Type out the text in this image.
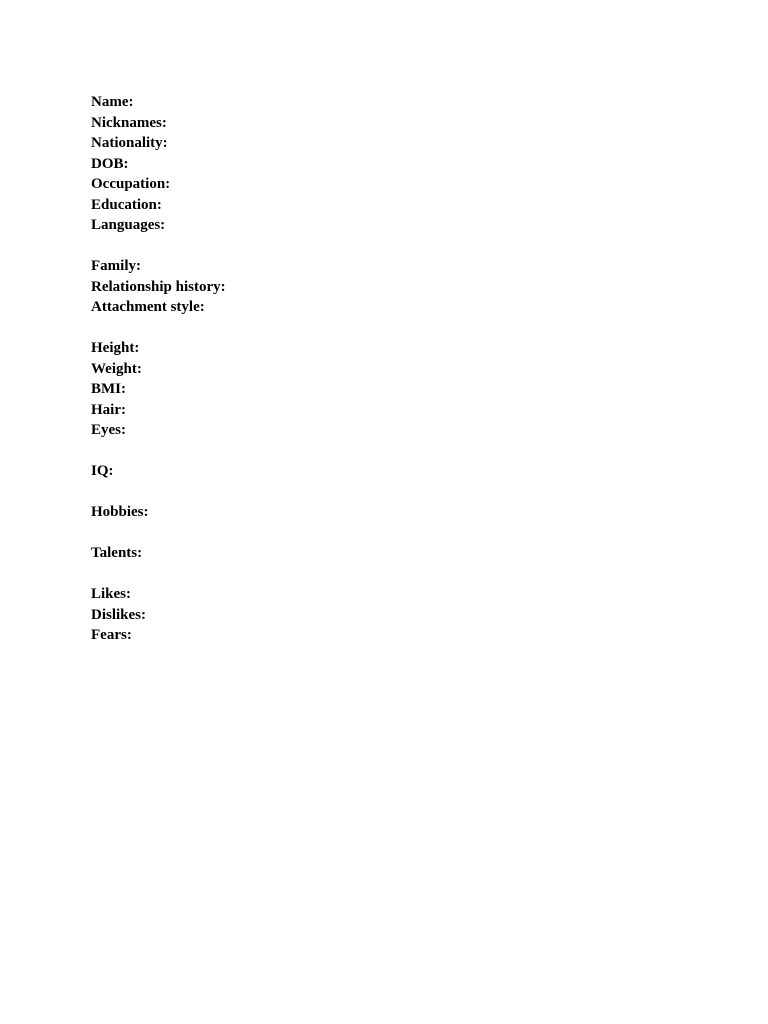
Name:
Nicknames:
Nationality:
DOB:
Occupation:
Education:
Languages:
Family:
Relationship history:
Attachment style:
Height:
Weight:
BMI:
Hair:
Eyes:
IQ:
Hobbies:
Talents:
Likes:
Dislikes:
Fears:
